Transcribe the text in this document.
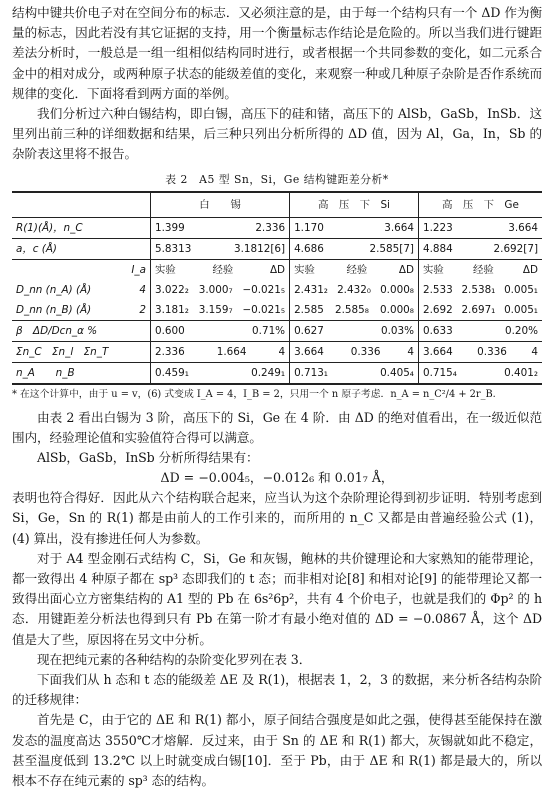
结构中键共价电子对在空间分布的标志．又必须注意的是，由于每一个结构只有一个 ΔD 作为衡量的标志，因此若没有其它证据的支持，用一个衡量标志作结论是危险的。所以当我们进行键距差法分析时，一般总是一组一组相似结构同时进行，或者根据一个共同参数的变化，如二元系合金中的相对成分，或两种原子状态的能级差值的变化，来观察一种或几种原子杂阶是否作系统而规律的变化．下面将看到两方面的举例。

我们分析过六种白锡结构，即白锡，高压下的硅和锗，高压下的 AlSb，GaSb，InSb．这里列出前三种的详细数据和结果，后三种只列出分析所得的 ΔD 值，因为 Al，Ga，In，Sb 的杂阶表这里将不报告。

表 2　A5 型 Sn，Si，Ge 结构键距差分析*
	白　　锡	高　压　下　Si	高　压　下　Ge
R(1)(Å)，n_C	1.399 2.336	1.170 3.664	1.223 3.664

a，c (Å)	5.8313 3.1812[6]	4.686 2.585[7]	4.884 2.692[7]

I_a	实验 经验 ΔD	实验 经验 ΔD	实验 经验 ΔD

D_nn (n_A) (Å) 4	3.022₂ 3.000₇ −0.021₅	2.431₂ 2.432₀ 0.000₈	2.533 2.538₁ 0.005₁

D_nn (n_B) (Å) 2	3.181₂ 3.159₇ −0.021₅	2.585 2.585₈ 0.000₈	2.692 2.697₁ 0.005₁

β　ΔD/Dcn_α %	0.600 0.71%	0.627 0.03%	0.633 0.20%

Σn_C　Σn_l　Σn_T	2.336 1.664 4	3.664 0.336 4	3.664 0.336 4

n_A　　n_B	0.459₁ 0.249₁	0.713₁ 0.405₄	0.715₄ 0.401₂
* 在这个计算中，由于 u = v，(6) 式变成 I_A = 4，I_B = 2，只用一个 n 原子考虑．n_A = n_C²/4 + 2r_B.

由表 2 看出白锡为 3 阶，高压下的 Si，Ge 在 4 阶．由 ΔD 的绝对值看出，在一级近似范围内，经验理论值和实验值符合得可以满意。

AlSb，GaSb，InSb 分析所得结果有：

ΔD = −0.004₅，−0.012₆ 和 0.01₇ Å，

表明也符合得好．因此从六个结构联合起来，应当认为这个杂阶理论得到初步证明．特别考虑到 Si，Ge，Sn 的 R(1) 都是由前人的工作引来的，而所用的 n_C 又都是由普遍经验公式 (1)，(4) 算出，没有掺进任何人为参数。

对于 A4 型金刚石式结构 C，Si，Ge 和灰锡，鲍林的共价键理论和大家熟知的能带理论，都一致得出 4 种原子都在 sp³ 态即我们的 t 态；而非相对论[8] 和相对论[9] 的能带理论又都一致得出面心立方密集结构的 A1 型的 Pb 在 6s²6p²，共有 4 个价电子，也就是我们的 Φp² 的 h 态．用键距差分析法也得到只有 Pb 在第一阶才有最小绝对值的 ΔD = −0.0867 Å，这个 ΔD 值是大了些，原因将在另文中分析。

现在把纯元素的各种结构的杂阶变化罗列在表 3．

下面我们从 h 态和 t 态的能级差 ΔE 及 R(1)，根据表 1，2，3 的数据，来分析各结构杂阶的迁移规律：

首先是 C，由于它的 ΔE 和 R(1) 都小，原子间结合强度是如此之强，使得甚至能保持在激发态的温度高达 3550℃才熔解．反过来，由于 Sn 的 ΔE 和 R(1) 都大，灰锡就如此不稳定，甚至温度低到 13.2℃ 以上时就变成白锡[10]．至于 Pb，由于 ΔE 和 R(1) 都是最大的，所以根本不存在纯元素的 sp³ 态的结构。
